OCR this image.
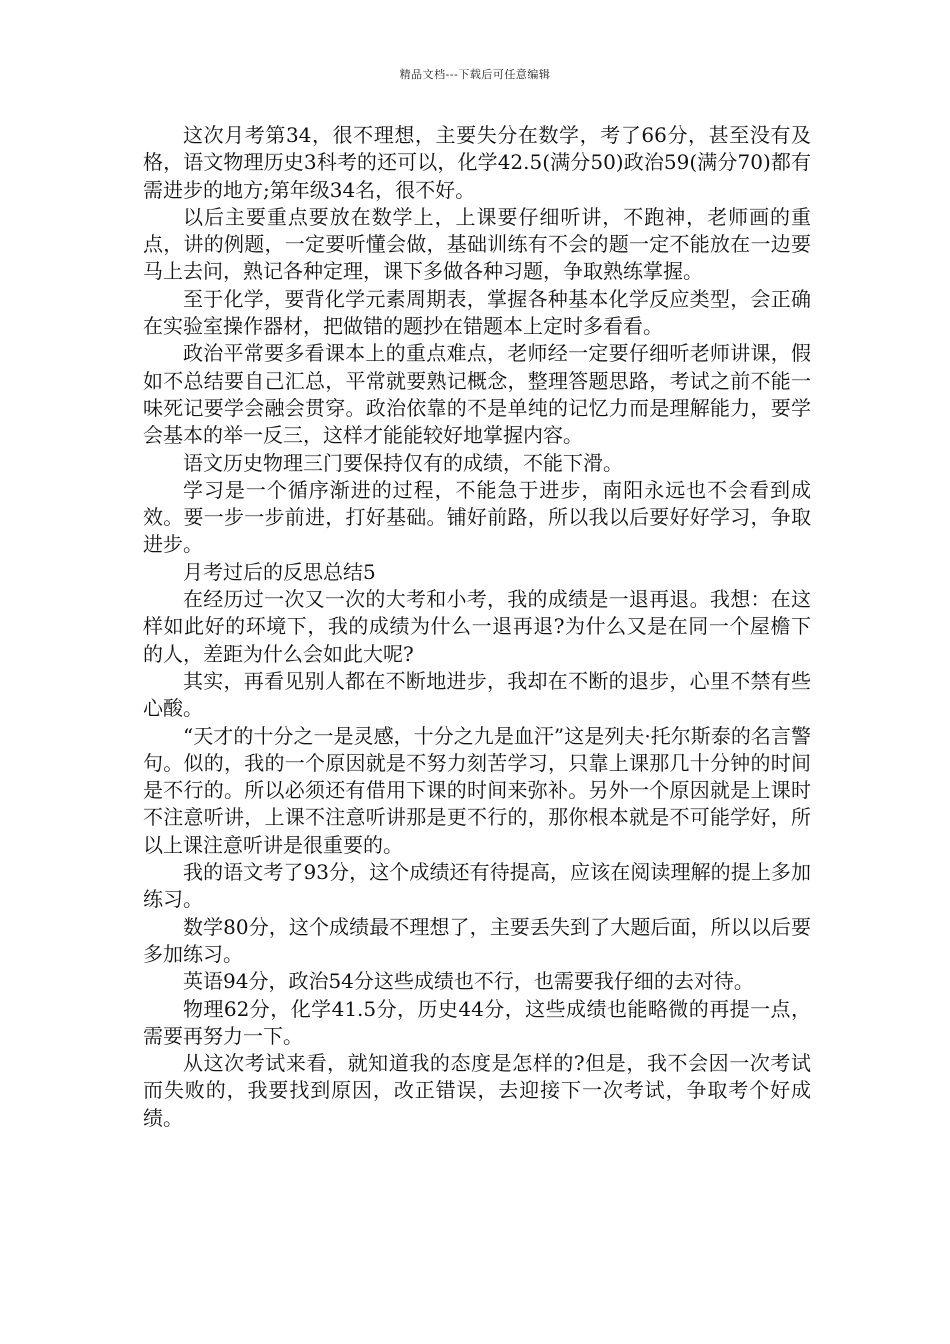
精品文档---下载后可任意编辑

这次月考第34，很不理想，主要失分在数学，考了66分，甚至没有及格，语文物理历史3科考的还可以，化学42.5(满分50)政治59(满分70)都有需进步的地方;第年级34名，很不好。

以后主要重点要放在数学上，上课要仔细听讲，不跑神，老师画的重点，讲的例题，一定要听懂会做，基础训练有不会的题一定不能放在一边要马上去问，熟记各种定理，课下多做各种习题，争取熟练掌握。

至于化学，要背化学元素周期表，掌握各种基本化学反应类型，会正确在实验室操作器材，把做错的题抄在错题本上定时多看看。

政治平常要多看课本上的重点难点，老师经一定要仔细听老师讲课，假如不总结要自己汇总，平常就要熟记概念，整理答题思路，考试之前不能一味死记要学会融会贯穿。政治依靠的不是单纯的记忆力而是理解能力，要学会基本的举一反三，这样才能能较好地掌握内容。

语文历史物理三门要保持仅有的成绩，不能下滑。

学习是一个循序渐进的过程，不能急于进步，南阳永远也不会看到成效。要一步一步前进，打好基础。铺好前路，所以我以后要好好学习，争取进步。

月考过后的反思总结5

在经历过一次又一次的大考和小考，我的成绩是一退再退。我想：在这样如此好的环境下，我的成绩为什么一退再退?为什么又是在同一个屋檐下的人，差距为什么会如此大呢?

其实，再看见别人都在不断地进步，我却在不断的退步，心里不禁有些心酸。

“天才的十分之一是灵感，十分之九是血汗”这是列夫·托尔斯泰的名言警句。似的，我的一个原因就是不努力刻苦学习，只靠上课那几十分钟的时间是不行的。所以必须还有借用下课的时间来弥补。另外一个原因就是上课时不注意听讲，上课不注意听讲那是更不行的，那你根本就是不可能学好，所以上课注意听讲是很重要的。

我的语文考了93分，这个成绩还有待提高，应该在阅读理解的提上多加练习。

数学80分，这个成绩最不理想了，主要丢失到了大题后面，所以以后要多加练习。

英语94分，政治54分这些成绩也不行，也需要我仔细的去对待。

物理62分，化学41.5分，历史44分，这些成绩也能略微的再提一点，需要再努力一下。

从这次考试来看，就知道我的态度是怎样的?但是，我不会因一次考试而失败的，我要找到原因，改正错误，去迎接下一次考试，争取考个好成绩。
